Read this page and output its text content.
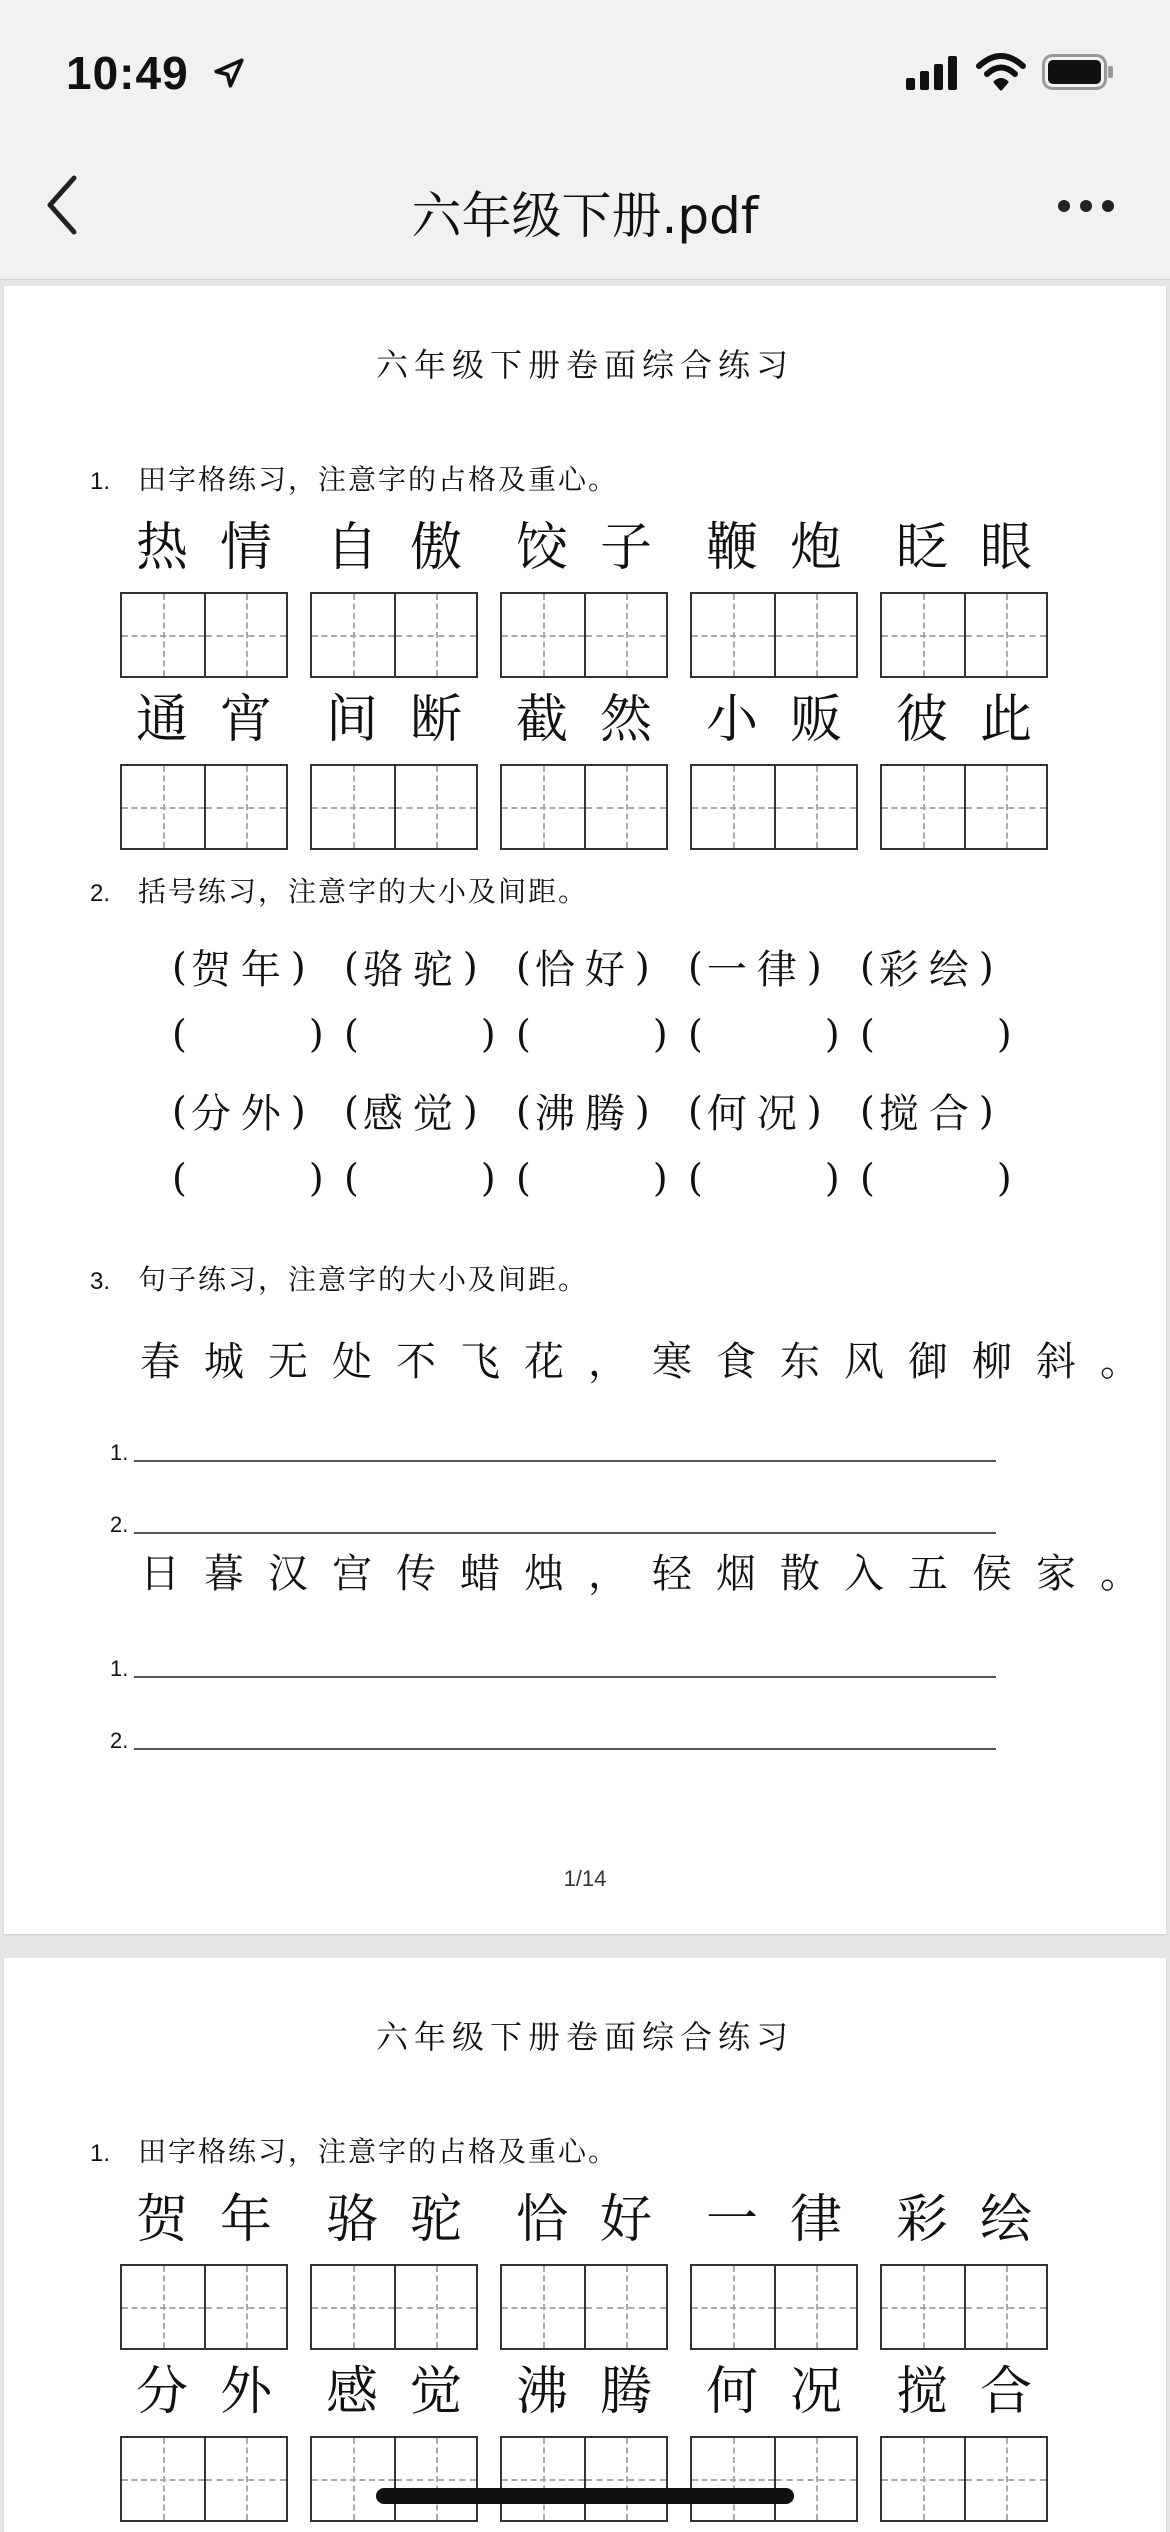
10:49
六年级下册.pdf
六年级下册卷面综合练习
1. 田字格练习，注意字的占格及重心。
热 情	自 傲	饺 子	鞭 炮	眨 眼
通 宵	间 断	截 然	小 贩	彼 此
2. 括号练习，注意字的大小及间距。
( 贺年 ) ( 骆驼 ) ( 恰好 ) ( 一律 ) ( 彩绘 )
(	) (	) (	) (	) (	)
( 分外 ) ( 感觉 ) ( 沸腾 ) ( 何况 ) ( 搅合 )
(	) (	) (	) (	) (	)
3. 句子练习，注意字的大小及间距。
春城无处不飞花，寒食东风御柳斜。
1.
2.
日暮汉宫传蜡烛，轻烟散入五侯家。
1.
2.
1/14
六年级下册卷面综合练习
1. 田字格练习，注意字的占格及重心。
贺 年	骆 驼	恰 好	一 律	彩 绘
分 外	感 觉	沸 腾	何 况	搅 合
